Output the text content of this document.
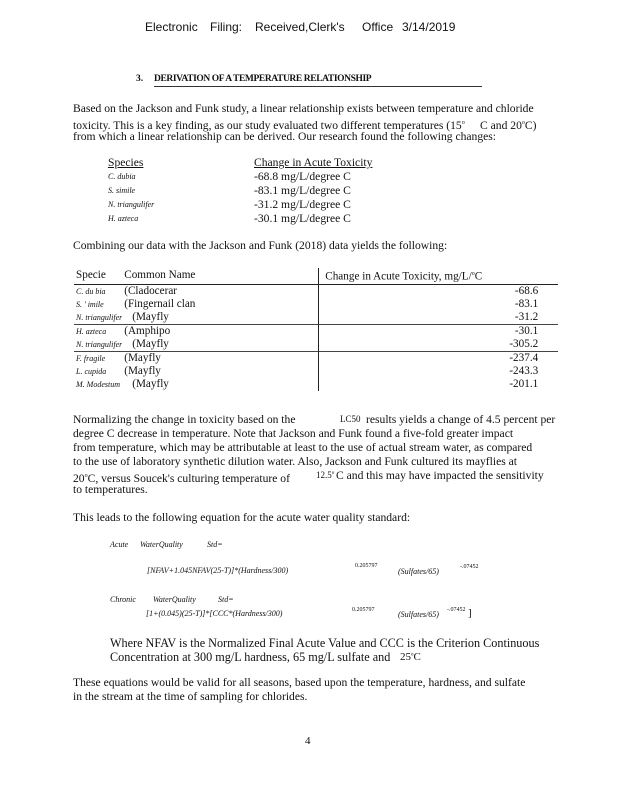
Electronic Filing: Received,Clerk's Office 3/14/2019
3. DERIVATION OF A TEMPERATURE RELATIONSHIP
Based on the Jackson and Funk study, a linear relationship exists between temperature and chloride
toxicity. This is a key finding, as our study evaluated two different temperatures (15$^o$ C and 20$^o$C)
from which a linear relationship can be derived. Our research found the following changes:
Species	Change in Acute Toxicity
C. dubia	-68.8 mg/L/degree C
S. simile	-83.1 mg/L/degree C
N. triangulifer	-31.2 mg/L/degree C
H. azteca	-30.1 mg/L/degree C
Combining our data with the Jackson and Funk (2018) data yields the following:
Specie	Common Name	Change in Acute Toxicity, mg/L/$^o$C
C. du bia	(Cladocerar	-68.6
S. ' imile	(Fingernail clan	-83.1
N. triangulifer	(Mayfly	-31.2
H. azteca	(Amphipo	-30.1
N. triangulifer	(Mayfly	-305.2
F. fragile	(Mayfly	-237.4
L. cupida	(Mayfly	-243.3
M. Modestum	(Mayfly	-201.1
Normalizing the change in toxicity based on the	LC50 results yields a change of 4.5 percent per
degree C decrease in temperature. Note that Jackson and Funk found a five-fold greater impact
from temperature, which may be attributable at least to the use of actual stream water, as compared
to the use of laboratory synthetic dilution water. Also, Jackson and Funk cultured its mayflies at
20$^o$C, versus Soucek's culturing temperature of	12.5$^o$ C and this may have impacted the sensitivity
to temperatures.
This leads to the following equation for the acute water quality standard:
Acute WaterQuality	Std=
[NFAV+1.045NFAV(25-T)]*(Hardness/300)	0.205797
(Sulfates/65)	-.07452
Chronic WaterQuality	Std=
[1+(0.045)(25-T)]*[CCC*(Hardness/300)	0.205797	(Sulfates/65) -.07452 ]
Where NFAV is the Normalized Final Acute Value and CCC is the Criterion Continuous
Concentration at 300 mg/L hardness, 65 mg/L sulfate and 25$^o$C
These equations would be valid for all seasons, based upon the temperature, hardness, and sulfate
in the stream at the time of sampling for chlorides.
4
